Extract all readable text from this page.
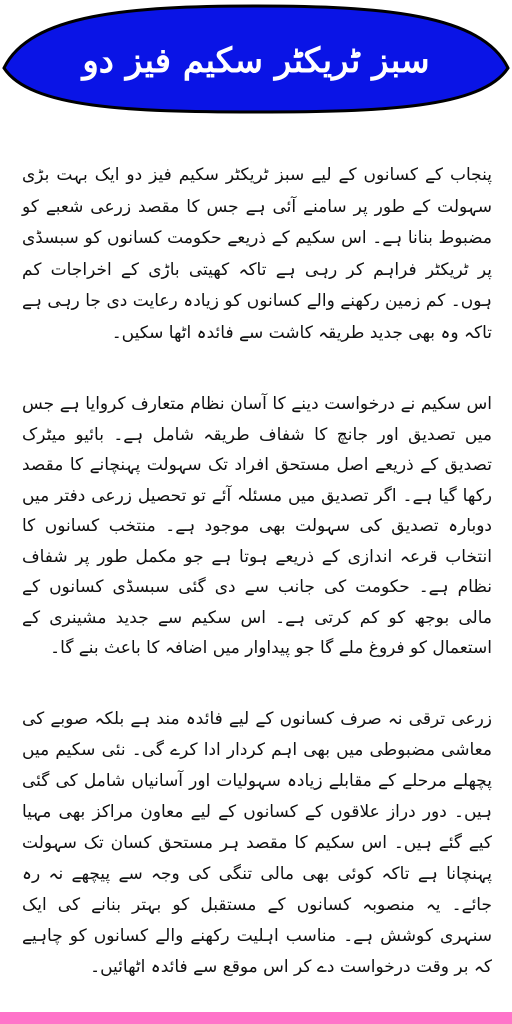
سبز ٹریکٹر سکیم فیز دو

پنجاب کے کسانوں کے لیے سبز ٹریکٹر سکیم فیز دو ایک بہت بڑی سہولت کے طور پر سامنے آئی ہے جس کا مقصد زرعی شعبے کو مضبوط بنانا ہے۔ اس سکیم کے ذریعے حکومت کسانوں کو سبسڈی پر ٹریکٹر فراہم کر رہی ہے تاکہ کھیتی باڑی کے اخراجات کم ہوں۔ کم زمین رکھنے والے کسانوں کو زیادہ رعایت دی جا رہی ہے تاکہ وہ بھی جدید طریقہ کاشت سے فائدہ اٹھا سکیں۔

اس سکیم نے درخواست دینے کا آسان نظام متعارف کروایا ہے جس میں تصدیق اور جانچ کا شفاف طریقہ شامل ہے۔ بائیو میٹرک تصدیق کے ذریعے اصل مستحق افراد تک سہولت پہنچانے کا مقصد رکھا گیا ہے۔ اگر تصدیق میں مسئلہ آئے تو تحصیل زرعی دفتر میں دوبارہ تصدیق کی سہولت بھی موجود ہے۔ منتخب کسانوں کا انتخاب قرعہ اندازی کے ذریعے ہوتا ہے جو مکمل طور پر شفاف نظام ہے۔ حکومت کی جانب سے دی گئی سبسڈی کسانوں کے مالی بوجھ کو کم کرتی ہے۔ اس سکیم سے جدید مشینری کے استعمال کو فروغ ملے گا جو پیداوار میں اضافہ کا باعث بنے گا۔

زرعی ترقی نہ صرف کسانوں کے لیے فائدہ مند ہے بلکہ صوبے کی معاشی مضبوطی میں بھی اہم کردار ادا کرے گی۔ نئی سکیم میں پچھلے مرحلے کے مقابلے زیادہ سہولیات اور آسانیاں شامل کی گئی ہیں۔ دور دراز علاقوں کے کسانوں کے لیے معاون مراکز بھی مہیا کیے گئے ہیں۔ اس سکیم کا مقصد ہر مستحق کسان تک سہولت پہنچانا ہے تاکہ کوئی بھی مالی تنگی کی وجہ سے پیچھے نہ رہ جائے۔ یہ منصوبہ کسانوں کے مستقبل کو بہتر بنانے کی ایک سنہری کوشش ہے۔ مناسب اہلیت رکھنے والے کسانوں کو چاہیے کہ بر وقت درخواست دے کر اس موقع سے فائدہ اٹھائیں۔
